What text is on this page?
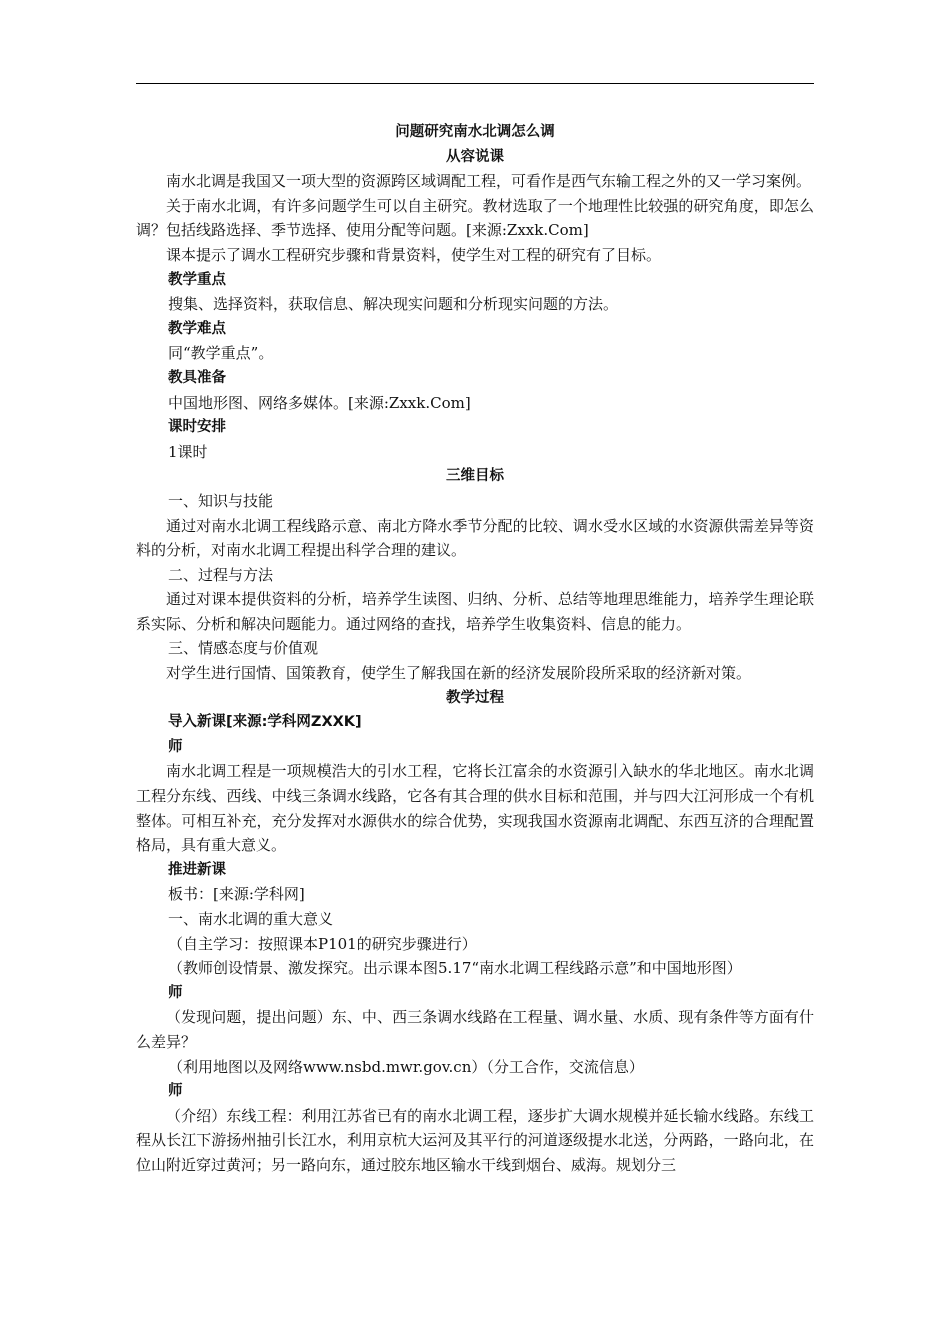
问题研究南水北调怎么调
从容说课
南水北调是我国又一项大型的资源跨区域调配工程，可看作是西气东输工程之外的又一学习案例。
关于南水北调，有许多问题学生可以自主研究。教材选取了一个地理性比较强的研究角度，即怎么调？包括线路选择、季节选择、使用分配等问题。[来源:Zxxk.Com]
课本提示了调水工程研究步骤和背景资料，使学生对工程的研究有了目标。
教学重点
搜集、选择资料，获取信息、解决现实问题和分析现实问题的方法。
教学难点
同“教学重点”。
教具准备
中国地形图、网络多媒体。[来源:Zxxk.Com]
课时安排
1课时
三维目标
一、知识与技能
通过对南水北调工程线路示意、南北方降水季节分配的比较、调水受水区域的水资源供需差异等资料的分析，对南水北调工程提出科学合理的建议。
二、过程与方法
通过对课本提供资料的分析，培养学生读图、归纳、分析、总结等地理思维能力，培养学生理论联系实际、分析和解决问题能力。通过网络的查找，培养学生收集资料、信息的能力。
三、情感态度与价值观
对学生进行国情、国策教育，使学生了解我国在新的经济发展阶段所采取的经济新对策。
教学过程
导入新课[来源:学科网ZXXK]
师
南水北调工程是一项规模浩大的引水工程，它将长江富余的水资源引入缺水的华北地区。南水北调工程分东线、西线、中线三条调水线路，它各有其合理的供水目标和范围，并与四大江河形成一个有机整体。可相互补充，充分发挥对水源供水的综合优势，实现我国水资源南北调配、东西互济的合理配置格局，具有重大意义。
推进新课
板书：[来源:学科网]
一、南水北调的重大意义
（自主学习：按照课本P101的研究步骤进行）
（教师创设情景、激发探究。出示课本图5.17“南水北调工程线路示意”和中国地形图）
师
（发现问题，提出问题）东、中、西三条调水线路在工程量、调水量、水质、现有条件等方面有什么差异？
（利用地图以及网络www.nsbd.mwr.gov.cn）（分工合作，交流信息）
师
（介绍）东线工程：利用江苏省已有的南水北调工程，逐步扩大调水规模并延长输水线路。东线工程从长江下游扬州抽引长江水，利用京杭大运河及其平行的河道逐级提水北送，分两路，一路向北，在位山附近穿过黄河；另一路向东，通过胶东地区输水干线到烟台、威海。规划分三
